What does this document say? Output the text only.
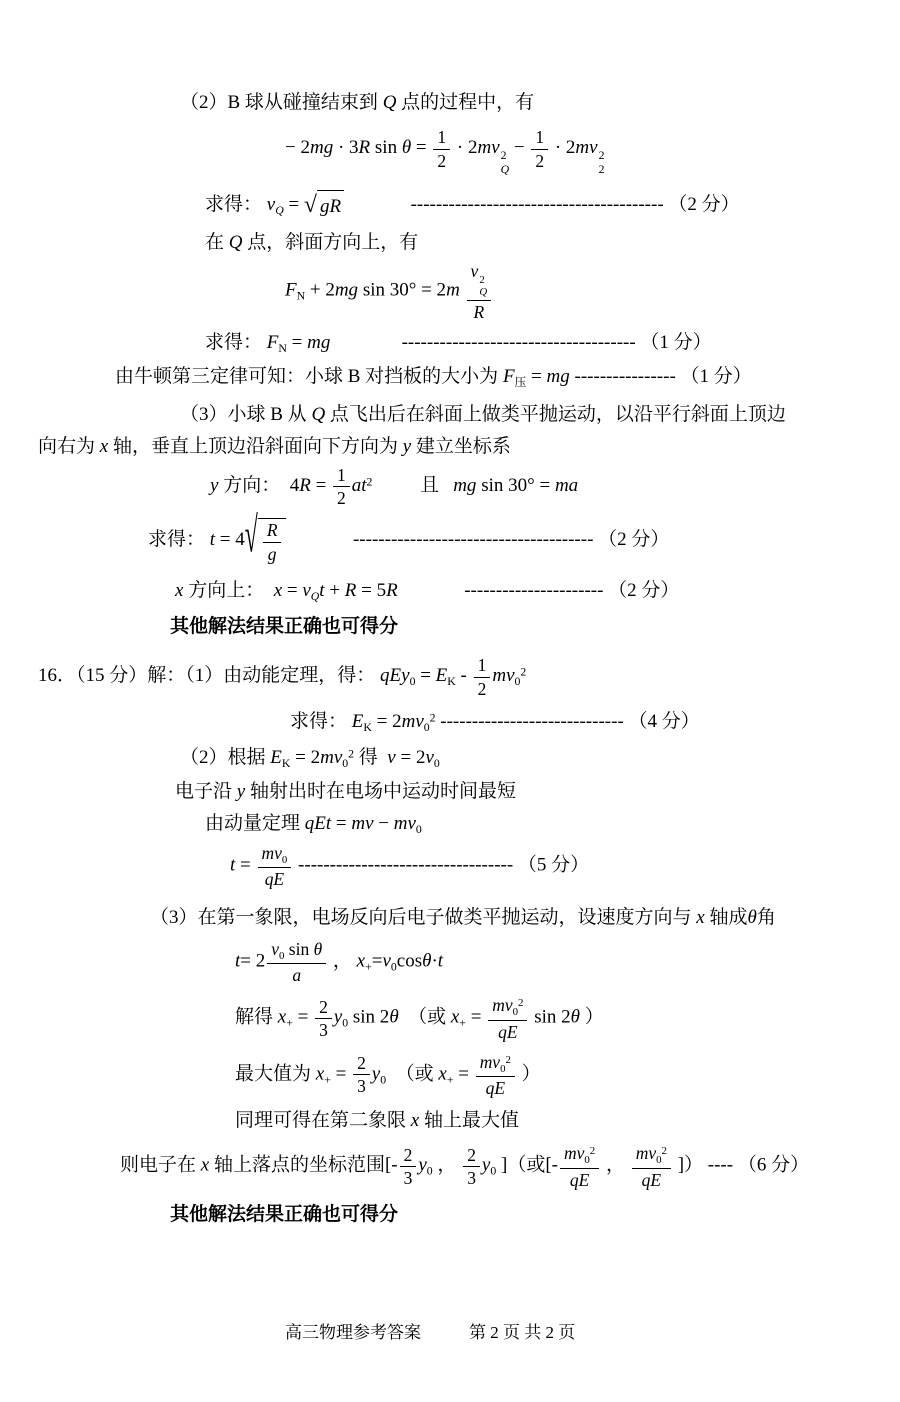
（2）B 球从碰撞结束到 Q 点的过程中，有
− 2mg · 3R $\sin \theta = \frac{1}{2} \cdot 2mv$ 2
Q
− $\frac{1}{2} \cdot 2mv$ 2
2
求得： $v_Q$ = √ gR	---------------------------------------- （2 分）
在 Q 点，斜面方向上，有
$F_N + 2mg$ sin 30° = 2m v 2
Q
R
求得： $F_N$ = mg	------------------------------------- （1 分）
由牛顿第三定律可知：小球 B 对挡板的大小为 $F_压$ = mg ---------------- （1 分）
（3）小球 B 从 Q 点飞出后在斜面上做类平抛运动，以沿平行斜面上顶边
向右为 x 轴，垂直上顶边沿斜面向下方向为 y 建立坐标系
y 方向：  $4R = \frac{1}{2} at^2$          且   mg sin 30° = ma
求得： t = 4 √ $\frac{R}{g}$	-------------------------------------- （2 分）
x 方向上：  $x = v_Qt + R = 5R$	---------------------- （2 分）
其他解法结果正确也可得分
16．（15 分）解：（1）由动能定理，得： $qEy_0 = E_K - \frac{1}{2} mv_0^2$
求得： $E_K = 2mv_0^2$ ----------------------------- （4 分）
（2）根据 $E_K = 2mv_0^2$ 得  $v = 2v_0$
电子沿 y 轴射出时在电场中运动时间最短
由动量定理 qEt = mv − $mv_0$
$t = \frac{mv_0}{qE}$ ---------------------------------- （5 分）
（3）在第一象限，电场反向后电子做类平抛运动，设速度方向与 x 轴成θ角
$t= 2 \frac{v_0 \sin \theta}{a}$ ， $x_+=v_0\cos\theta\cdot t$
解得 $x_+ = \frac{2}{3} y_0$ sin 2θ  （或 $x_+ = \frac{mv_0^2}{qE}$ sin 2θ ）
最大值为 $x_+ = \frac{2}{3} y_0$  （或 $x_+ = \frac{mv_0^2}{qE}$ ）
同理可得在第二象限 x 轴上最大值
则电子在 x 轴上落点的坐标范围[- $\frac{2}{3} y_0$ ， $\frac{2}{3} y_0$ ]（或[- $\frac{mv_0^2}{qE}$ ， $\frac{mv_0^2}{qE}$ ]） ---- （6 分）
其他解法结果正确也可得分
高三物理参考答案	第 2 页 共 2 页
